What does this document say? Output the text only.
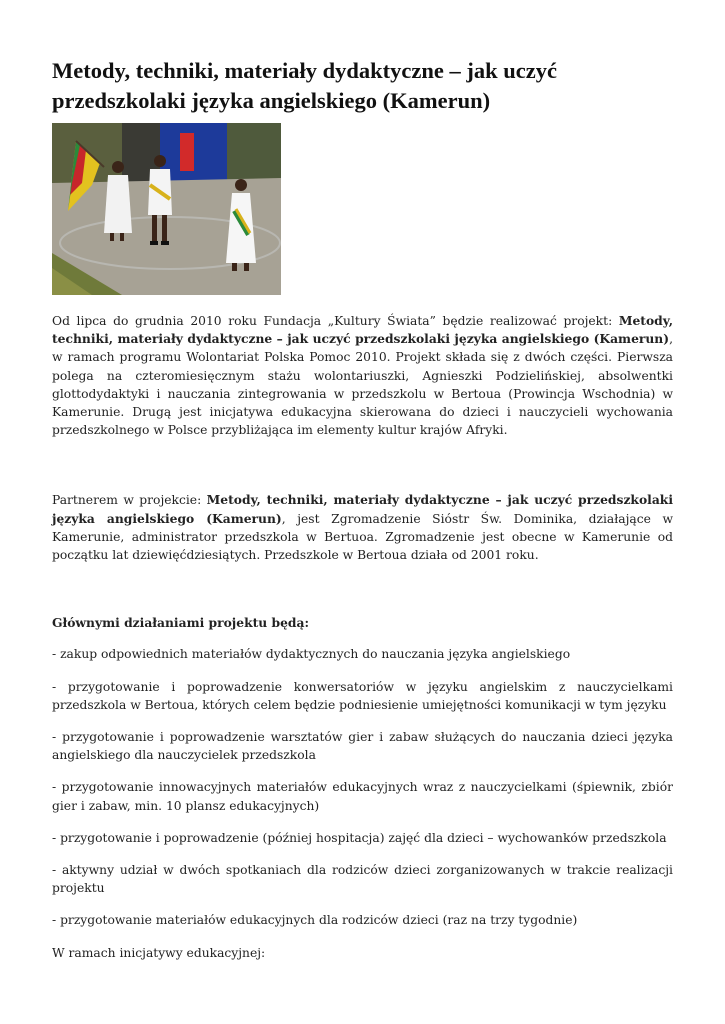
Metody, techniki, materiały dydaktyczne – jak uczyć przedszkolaki języka angielskiego (Kamerun)

Od lipca do grudnia 2010 roku Fundacja „Kultury Świata” będzie realizować projekt: Metody, techniki, materiały dydaktyczne – jak uczyć przedszkolaki języka angielskiego (Kamerun), w ramach programu Wolontariat Polska Pomoc 2010. Projekt składa się z dwóch części. Pierwsza polega na czteromiesięcznym stażu wolontariuszki, Agnieszki Podzielińskiej, absolwentki glottodydaktyki i nauczania zintegrowania w przedszkolu w Bertoua (Prowincja Wschodnia) w Kamerunie. Drugą jest inicjatywa edukacyjna skierowana do dzieci i nauczycieli wychowania przedszkolnego w Polsce przybliżająca im elementy kultur krajów Afryki.

Partnerem w projekcie: Metody, techniki, materiały dydaktyczne – jak uczyć przedszkolaki języka angielskiego (Kamerun), jest Zgromadzenie Sióstr Św. Dominika, działające w Kamerunie, administrator przedszkola w Bertuoa. Zgromadzenie jest obecne w Kamerunie od początku lat dziewięćdziesiątych. Przedszkole w Bertoua działa od 2001 roku.

Głównymi działaniami projektu będą:

- zakup odpowiednich materiałów dydaktycznych do nauczania języka angielskiego

- przygotowanie i poprowadzenie konwersatoriów w języku angielskim z nauczycielkami przedszkola w Bertoua, których celem będzie podniesienie umiejętności komunikacji w tym języku

- przygotowanie i poprowadzenie warsztatów gier i zabaw służących do nauczania dzieci języka angielskiego dla nauczycielek przedszkola

- przygotowanie innowacyjnych materiałów edukacyjnych wraz z nauczycielkami (śpiewnik, zbiór gier i zabaw, min. 10 plansz edukacyjnych)

- przygotowanie i poprowadzenie (później hospitacja) zajęć dla dzieci – wychowanków przedszkola

- aktywny udział w dwóch spotkaniach dla rodziców dzieci zorganizowanych w trakcie realizacji projektu

- przygotowanie materiałów edukacyjnych dla rodziców dzieci (raz na trzy tygodnie)

W ramach inicjatywy edukacyjnej:
